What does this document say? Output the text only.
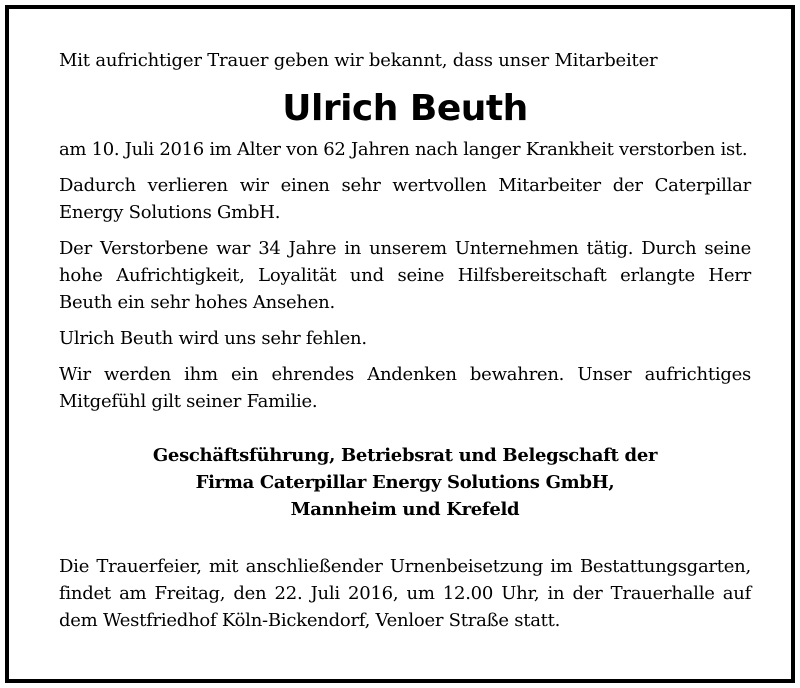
Mit aufrichtiger Trauer geben wir bekannt, dass unser Mitarbeiter

Ulrich Beuth

am 10. Juli 2016 im Alter von 62 Jahren nach langer Krankheit verstorben ist.

Dadurch verlieren wir einen sehr wertvollen Mitarbeiter der Caterpillar Energy Solutions GmbH.

Der Verstorbene war 34 Jahre in unserem Unternehmen tätig. Durch seine hohe Aufrichtigkeit, Loyalität und seine Hilfsbereitschaft erlangte Herr Beuth ein sehr hohes Ansehen.

Ulrich Beuth wird uns sehr fehlen.

Wir werden ihm ein ehrendes Andenken bewahren. Unser aufrichtiges Mitgefühl gilt seiner Familie.

Geschäftsführung, Betriebsrat und Belegschaft der
Firma Caterpillar Energy Solutions GmbH,
Mannheim und Krefeld

Die Trauerfeier, mit anschließender Urnenbeisetzung im Bestattungsgarten, findet am Freitag, den 22. Juli 2016, um 12.00 Uhr, in der Trauerhalle auf dem Westfriedhof Köln-Bickendorf, Venloer Straße statt.
